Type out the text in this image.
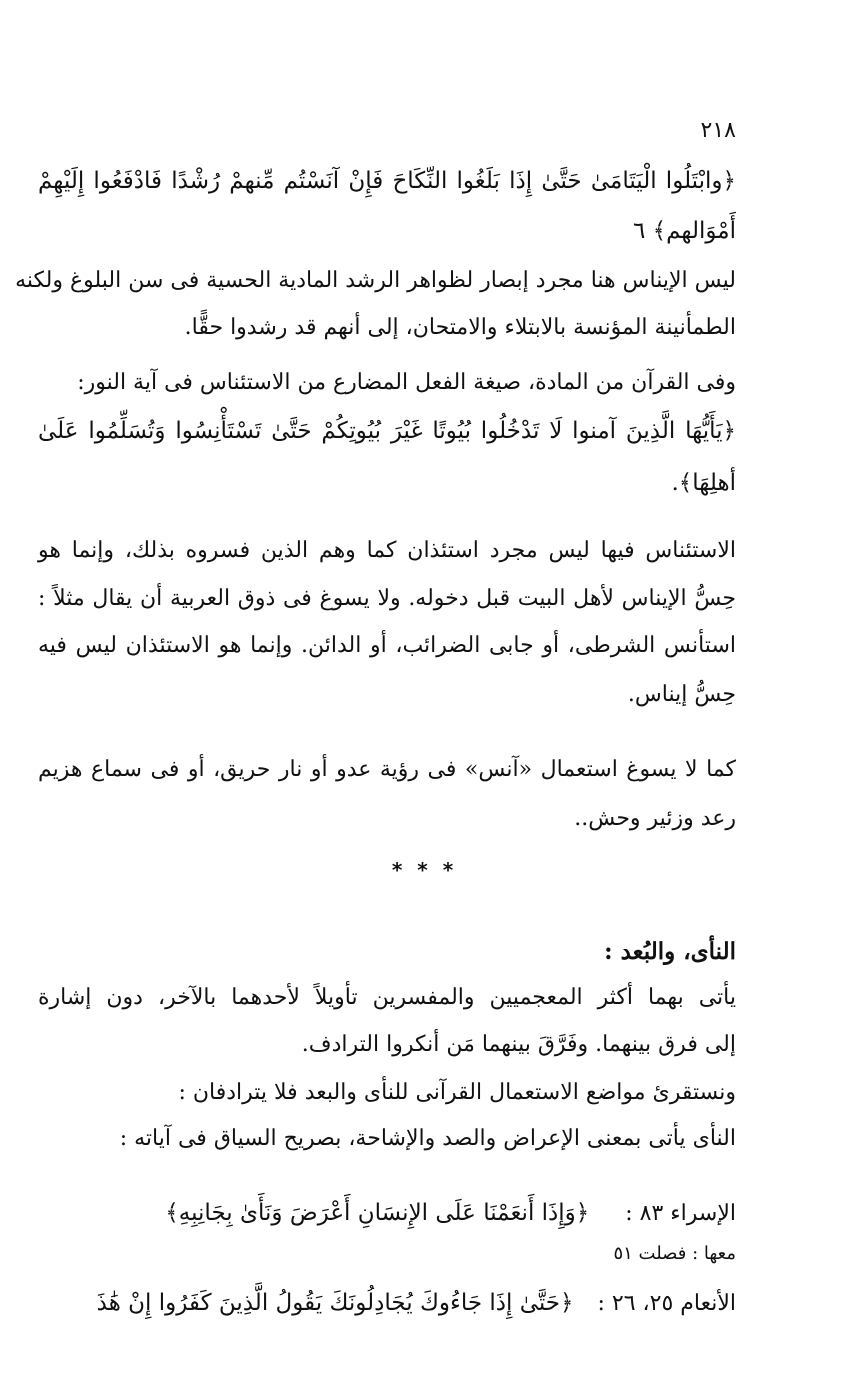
٢١٨
﴿وابْتَلُوا الْيَتَامَىٰ حَتَّىٰ إِذَا بَلَغُوا النِّكَاحَ فَإِنْ آنَسْتُم مِّنهمْ رُشْدًا فَادْفَعُوا إِلَيْهِمْ
أَمْوَالهم﴾ ٦
ليس الإيناس هنا مجرد إبصار لظواهر الرشد المادية الحسية فى سن البلوغ ولكنه
الطمأنينة المؤنسة بالابتلاء والامتحان، إلى أنهم قد رشدوا حقًّا.
وفى القرآن من المادة، صيغة الفعل المضارع من الاستئناس فى آية النور:
﴿يَأَيُّهَا الَّذِينَ آمنوا لَا تَدْخُلُوا بُيُوتًا غَيْرَ بُيُوتِكُمْ حَتَّىٰ تَسْتَأْنِسُوا وَتُسَلِّمُوا عَلَىٰ
أهلِهَا﴾.
الاستئناس فيها ليس مجرد استئذان كما وهم الذين فسروه بذلك، وإنما هو
حِسُّ الإيناس لأهل البيت قبل دخوله. ولا يسوغ فى ذوق العربية أن يقال مثلاً :
استأنس الشرطى، أو جابى الضرائب، أو الدائن. وإنما هو الاستئذان ليس فيه
حِسُّ إيناس.
كما لا يسوغ استعمال «آنس» فى رؤية عدو أو نار حريق، أو فى سماع هزيم
رعد وزئير وحش..
* * *
النأى، والبُعد :
يأتى بهما أكثر المعجميين والمفسرين تأويلاً لأحدهما بالآخر، دون إشارة
إلى فرق بينهما. وفَرَّقَ بينهما مَن أنكروا الترادف.
ونستقرئ مواضع الاستعمال القرآنى للنأى والبعد فلا يترادفان :
النأى يأتى بمعنى الإعراض والصد والإشاحة، بصريح السياق فى آياته :
الإسراء ٨٣ :  ﴿وَإِذَا أَنعَمْنَا عَلَى الإِنسَانِ أَعْرَضَ وَنَأَىٰ بِجَانِبِهِ﴾
معها : فصلت ٥١
الأنعام ٢٥، ٢٦ :  ﴿حَتَّىٰ إِذَا جَاءُوكَ يُجَادِلُونَكَ يَقُولُ الَّذِينَ كَفَرُوا إِنْ هَٰذَ
